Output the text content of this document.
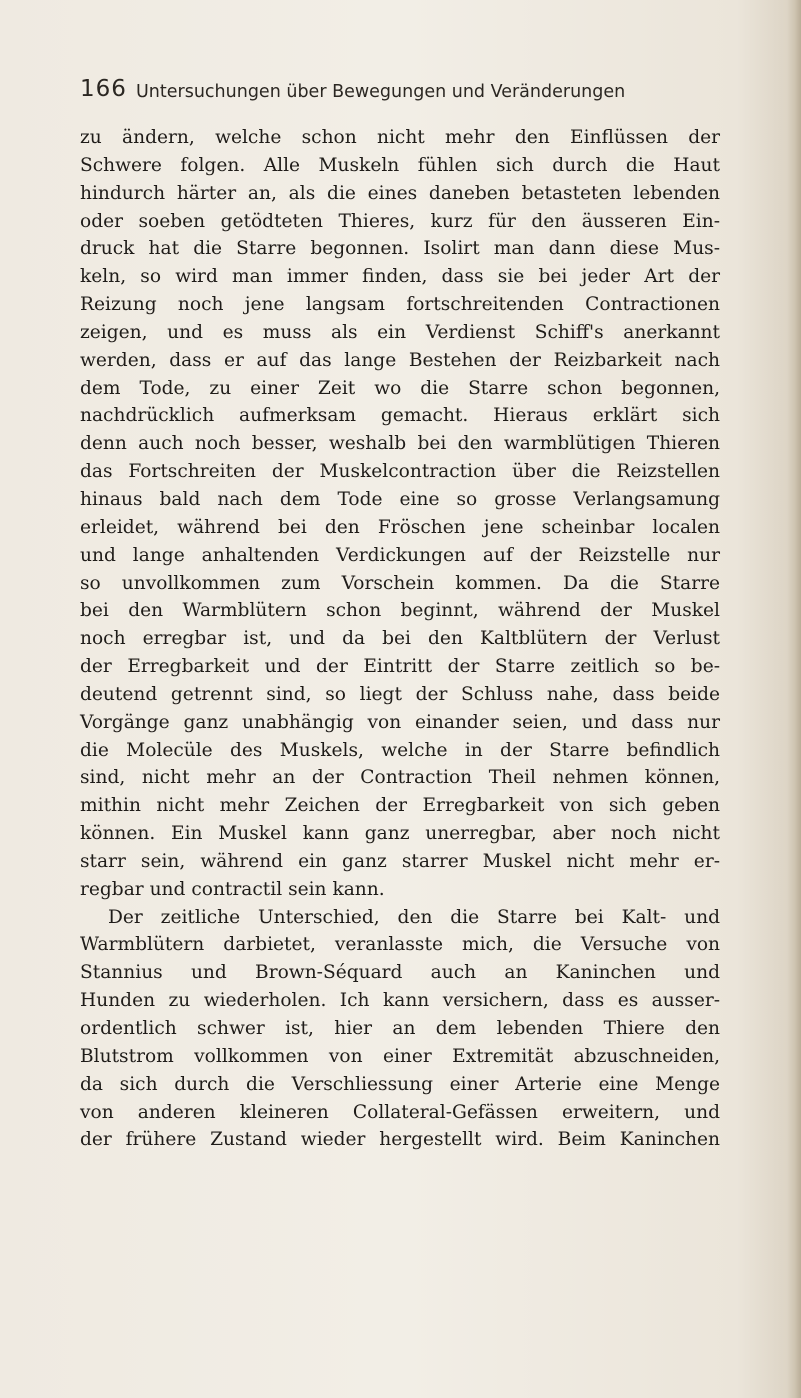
166 Untersuchungen über Bewegungen und Veränderungen
zu ändern, welche schon nicht mehr den Einflüssen der
Schwere folgen. Alle Muskeln fühlen sich durch die Haut
hindurch härter an, als die eines daneben betasteten lebenden
oder soeben getödteten Thieres, kurz für den äusseren Ein-
druck hat die Starre begonnen. Isolirt man dann diese Mus-
keln, so wird man immer finden, dass sie bei jeder Art der
Reizung noch jene langsam fortschreitenden Contractionen
zeigen, und es muss als ein Verdienst Schiff's anerkannt
werden, dass er auf das lange Bestehen der Reizbarkeit nach
dem Tode, zu einer Zeit wo die Starre schon begonnen,
nachdrücklich aufmerksam gemacht. Hieraus erklärt sich
denn auch noch besser, weshalb bei den warmblütigen Thieren
das Fortschreiten der Muskelcontraction über die Reizstellen
hinaus bald nach dem Tode eine so grosse Verlangsamung
erleidet, während bei den Fröschen jene scheinbar localen
und lange anhaltenden Verdickungen auf der Reizstelle nur
so unvollkommen zum Vorschein kommen. Da die Starre
bei den Warmblütern schon beginnt, während der Muskel
noch erregbar ist, und da bei den Kaltblütern der Verlust
der Erregbarkeit und der Eintritt der Starre zeitlich so be-
deutend getrennt sind, so liegt der Schluss nahe, dass beide
Vorgänge ganz unabhängig von einander seien, und dass nur
die Molecüle des Muskels, welche in der Starre befindlich
sind, nicht mehr an der Contraction Theil nehmen können,
mithin nicht mehr Zeichen der Erregbarkeit von sich geben
können. Ein Muskel kann ganz unerregbar, aber noch nicht
starr sein, während ein ganz starrer Muskel nicht mehr er-
regbar und contractil sein kann.
Der zeitliche Unterschied, den die Starre bei Kalt- und
Warmblütern darbietet, veranlasste mich, die Versuche von
Stannius und Brown-Séquard auch an Kaninchen und
Hunden zu wiederholen. Ich kann versichern, dass es ausser-
ordentlich schwer ist, hier an dem lebenden Thiere den
Blutstrom vollkommen von einer Extremität abzuschneiden,
da sich durch die Verschliessung einer Arterie eine Menge
von anderen kleineren Collateral-Gefässen erweitern, und
der frühere Zustand wieder hergestellt wird. Beim Kaninchen
